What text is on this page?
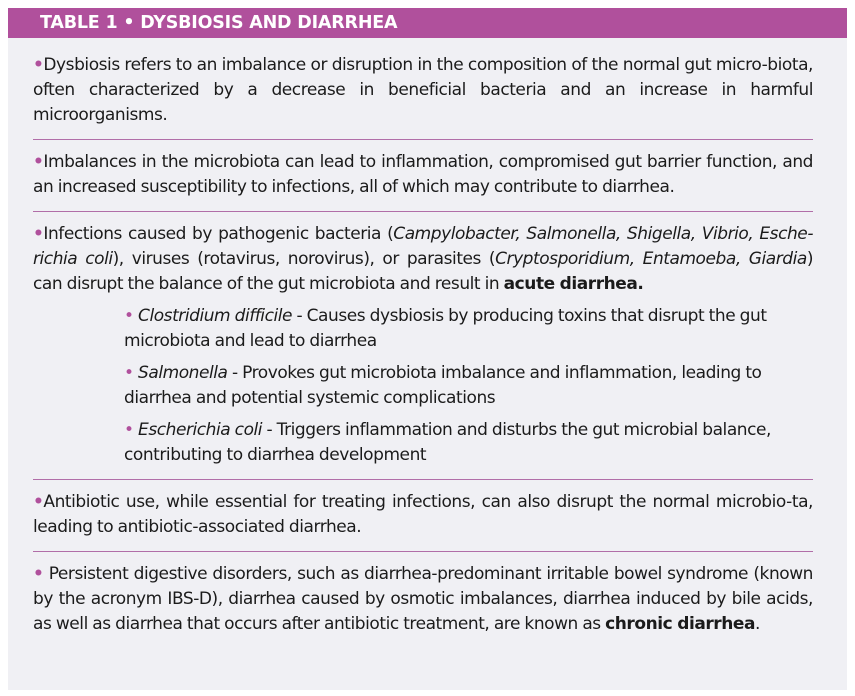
TABLE 1 • DYSBIOSIS AND DIARRHEA
•Dysbiosis refers to an imbalance or disruption in the composition of the normal gut micro-biota, often characterized by a decrease in beneficial bacteria and an increase in harmful microorganisms.
•Imbalances in the microbiota can lead to inflammation, compromised gut barrier function, and an increased susceptibility to infections, all of which may contribute to diarrhea.
•Infections caused by pathogenic bacteria (Campylobacter, Salmonella, Shigella, Vibrio, Esche-richia coli), viruses (rotavirus, norovirus), or parasites (Cryptosporidium, Entamoeba, Giardia) can disrupt the balance of the gut microbiota and result in acute diarrhea.
• Clostridium difficile - Causes dysbiosis by producing toxins that disrupt the gut microbiota and lead to diarrhea
• Salmonella - Provokes gut microbiota imbalance and inflammation, leading to diarrhea and potential systemic complications
• Escherichia coli - Triggers inflammation and disturbs the gut microbial balance, contributing to diarrhea development
•Antibiotic use, while essential for treating infections, can also disrupt the normal microbio-ta, leading to antibiotic-associated diarrhea.
• Persistent digestive disorders, such as diarrhea-predominant irritable bowel syndrome (known by the acronym IBS-D), diarrhea caused by osmotic imbalances, diarrhea induced by bile acids, as well as diarrhea that occurs after antibiotic treatment, are known as chronic diarrhea.
